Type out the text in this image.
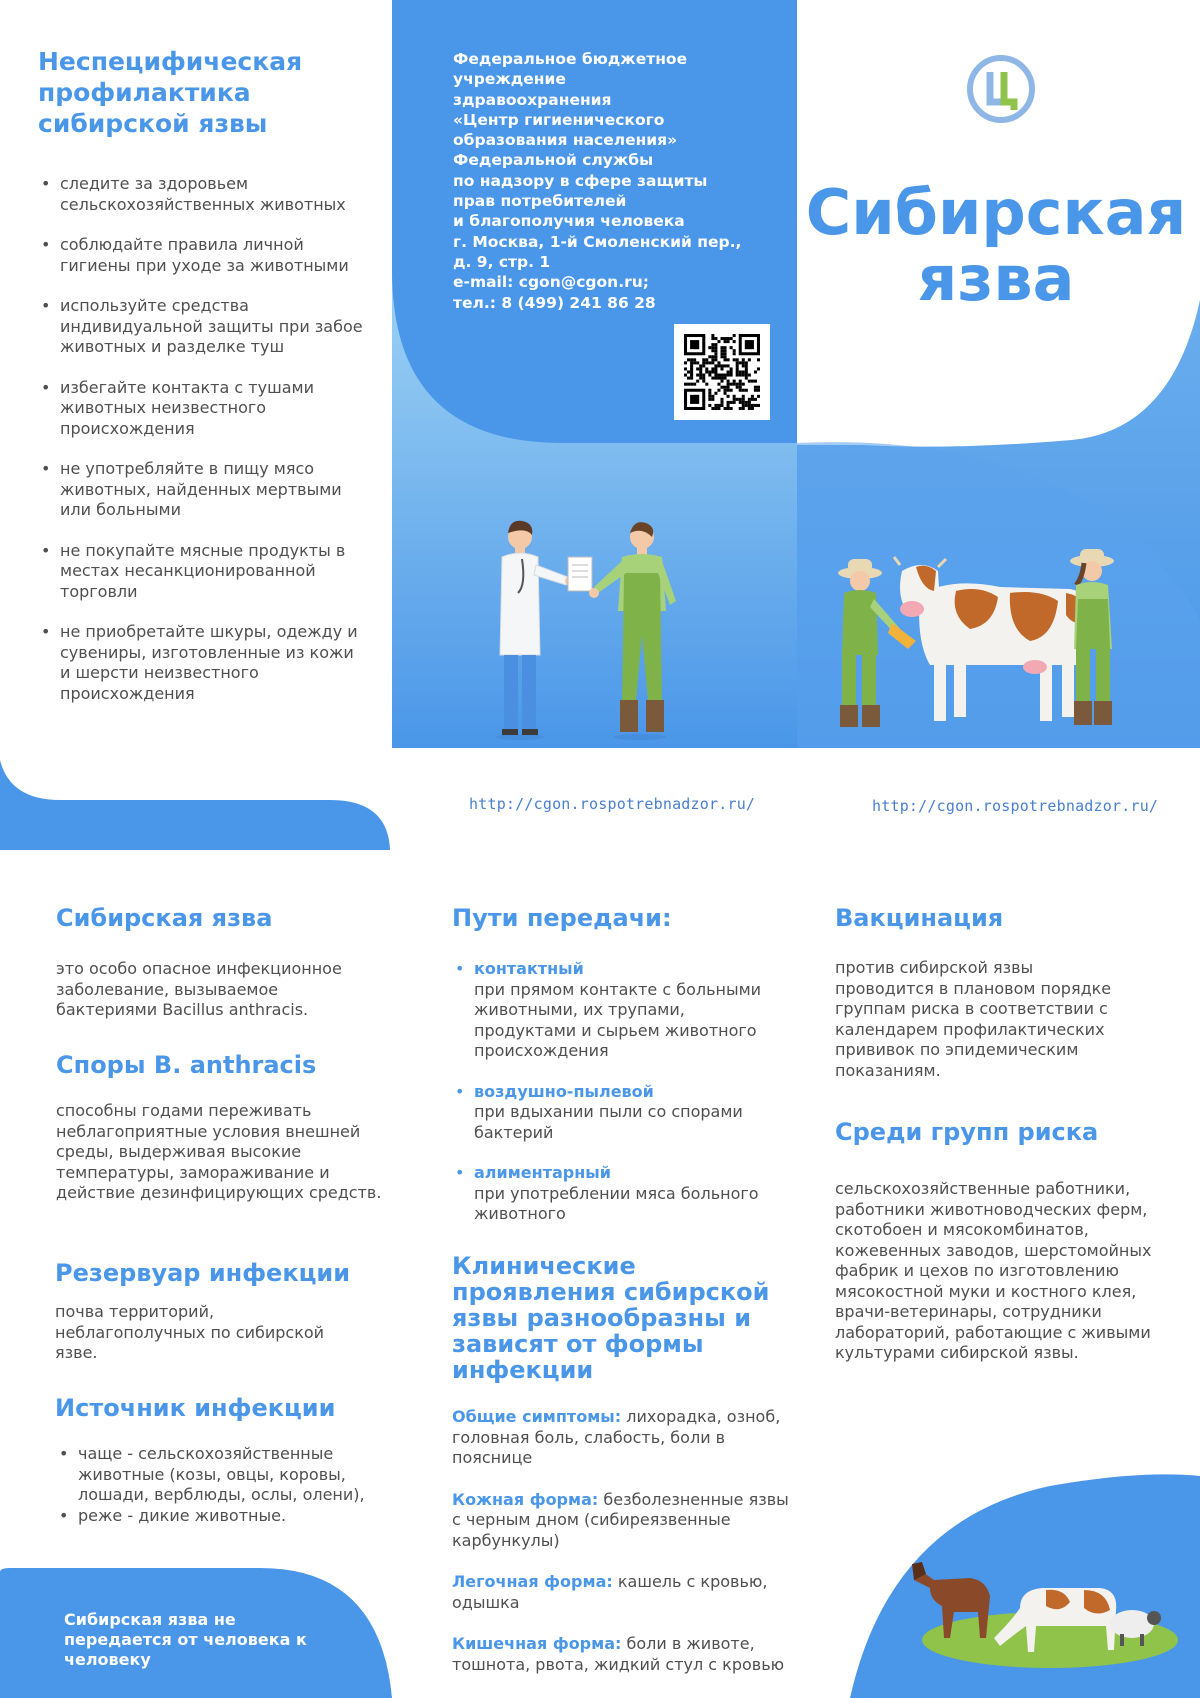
Неспецифическая профилактика сибирской язвы
• следите за здоровьем сельскохозяйственных животных
• соблюдайте правила личной гигиены при уходе за животными
• используйте средства индивидуальной защиты при забое животных и разделке туш
• избегайте контакта с тушами животных неизвестного происхождения
• не употребляйте в пищу мясо животных, найденных мертвыми или больными
• не покупайте мясные продукты в местах несанкционированной торговли
• не приобретайте шкуры, одежду и сувениры, изготовленные из кожи и шерсти неизвестного происхождения
Федеральное бюджетное
учреждение
здравоохранения
«Центр гигиенического
образования населения»
Федеральной службы
по надзору в сфере защиты
прав потребителей
и благополучия человека
г. Москва, 1-й Смоленский пер.,
д. 9, стр. 1
e-mail: cgon@cgon.ru;
тел.: 8 (499) 241 86 28
Сибирская
язва
http://cgon.rospotrebnadzor.ru/	http://cgon.rospotrebnadzor.ru/
Сибирская язва не передается от человека к человеку
Сибирская язва
это особо опасное инфекционное заболевание, вызываемое бактериями Bacillus anthracis.
Споры B. anthracis
способны годами переживать неблагоприятные условия внешней среды, выдерживая высокие температуры, замораживание и действие дезинфицирующих средств.
Резервуар инфекции
почва территорий, неблагополучных по сибирской язве.
Источник инфекции
• чаще - сельскохозяйственные животные (козы, овцы, коровы, лошади, верблюды, ослы, олени),
• реже - дикие животные.
Пути передачи:
• контактный
при прямом контакте с больными животными, их трупами, продуктами и сырьем животного происхождения
• воздушно-пылевой
при вдыхании пыли со спорами бактерий
• алиментарный
при употреблении мяса больного животного
Клинические проявления сибирской язвы разнообразны и зависят от формы инфекции
Общие симптомы: лихорадка, озноб, головная боль, слабость, боли в пояснице
Кожная форма: безболезненные язвы с черным дном (сибиреязвенные карбункулы)
Легочная форма: кашель с кровью, одышка
Кишечная форма: боли в животе, тошнота, рвота, жидкий стул с кровью
Вакцинация
против сибирской язвы проводится в плановом порядке группам риска в соответствии с календарем профилактических прививок по эпидемическим показаниям.
Среди групп риска
сельскохозяйственные работники, работники животноводческих ферм, скотобоен и мясокомбинатов, кожевенных заводов, шерстомойных фабрик и цехов по изготовлению мясокостной муки и костного клея, врачи-ветеринары, сотрудники лабораторий, работающие с живыми культурами сибирской язвы.
